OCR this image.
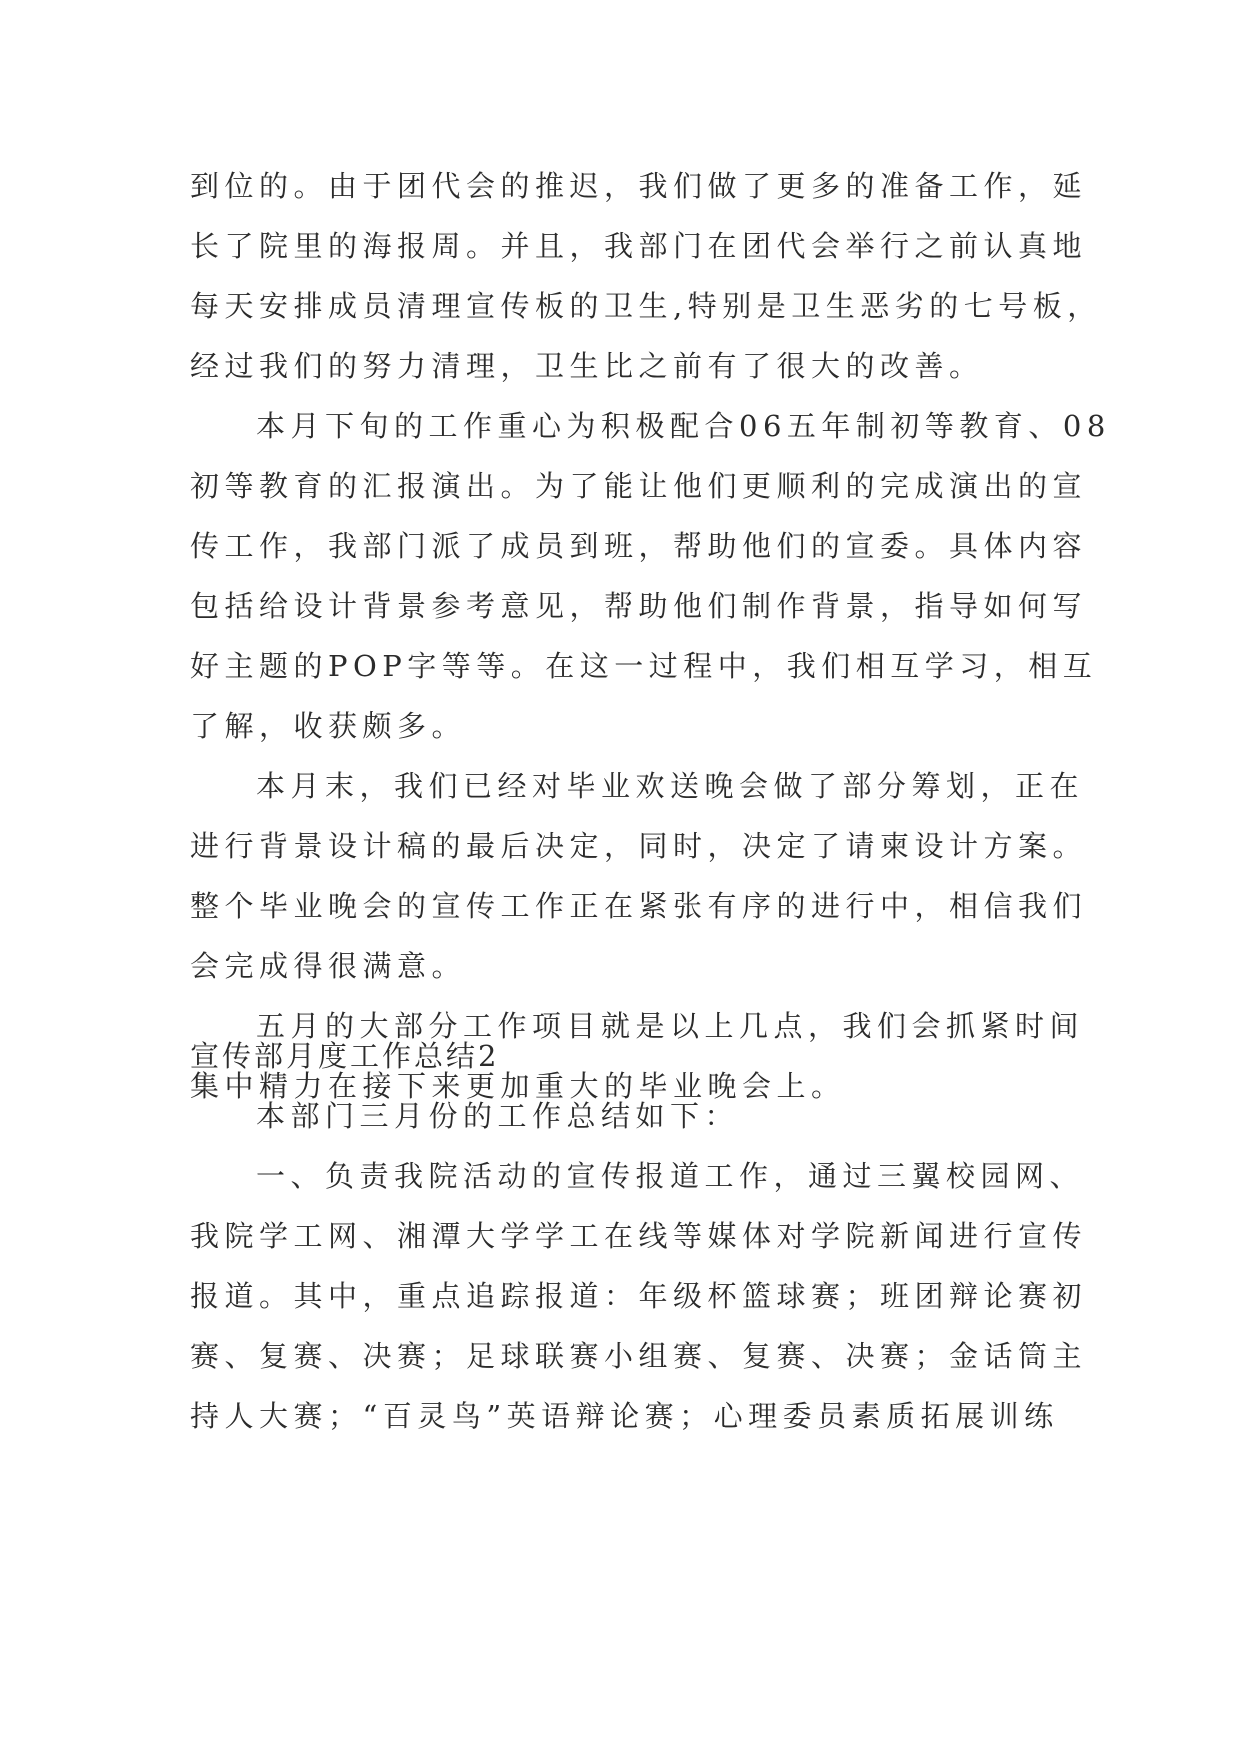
到位的。由于团代会的推迟，我们做了更多的准备工作，延
长了院里的海报周。并且，我部门在团代会举行之前认真地
每天安排成员清理宣传板的卫生,特别是卫生恶劣的七号板，
经过我们的努力清理，卫生比之前有了很大的改善。
本月下旬的工作重心为积极配合06五年制初等教育、08
初等教育的汇报演出。为了能让他们更顺利的完成演出的宣
传工作，我部门派了成员到班，帮助他们的宣委。具体内容
包括给设计背景参考意见，帮助他们制作背景，指导如何写
好主题的POP字等等。在这一过程中，我们相互学习，相互
了解，收获颇多。
本月末，我们已经对毕业欢送晚会做了部分筹划，正在
进行背景设计稿的最后决定，同时，决定了请柬设计方案。
整个毕业晚会的宣传工作正在紧张有序的进行中，相信我们
会完成得很满意。
五月的大部分工作项目就是以上几点，我们会抓紧时间
集中精力在接下来更加重大的毕业晚会上。
宣传部月度工作总结2
本部门三月份的工作总结如下：
一、负责我院活动的宣传报道工作，通过三翼校园网、
我院学工网、湘潭大学学工在线等媒体对学院新闻进行宣传
报道。其中，重点追踪报道：年级杯篮球赛；班团辩论赛初
赛、复赛、决赛；足球联赛小组赛、复赛、决赛；金话筒主
持人大赛；“百灵鸟”英语辩论赛；心理委员素质拓展训练
